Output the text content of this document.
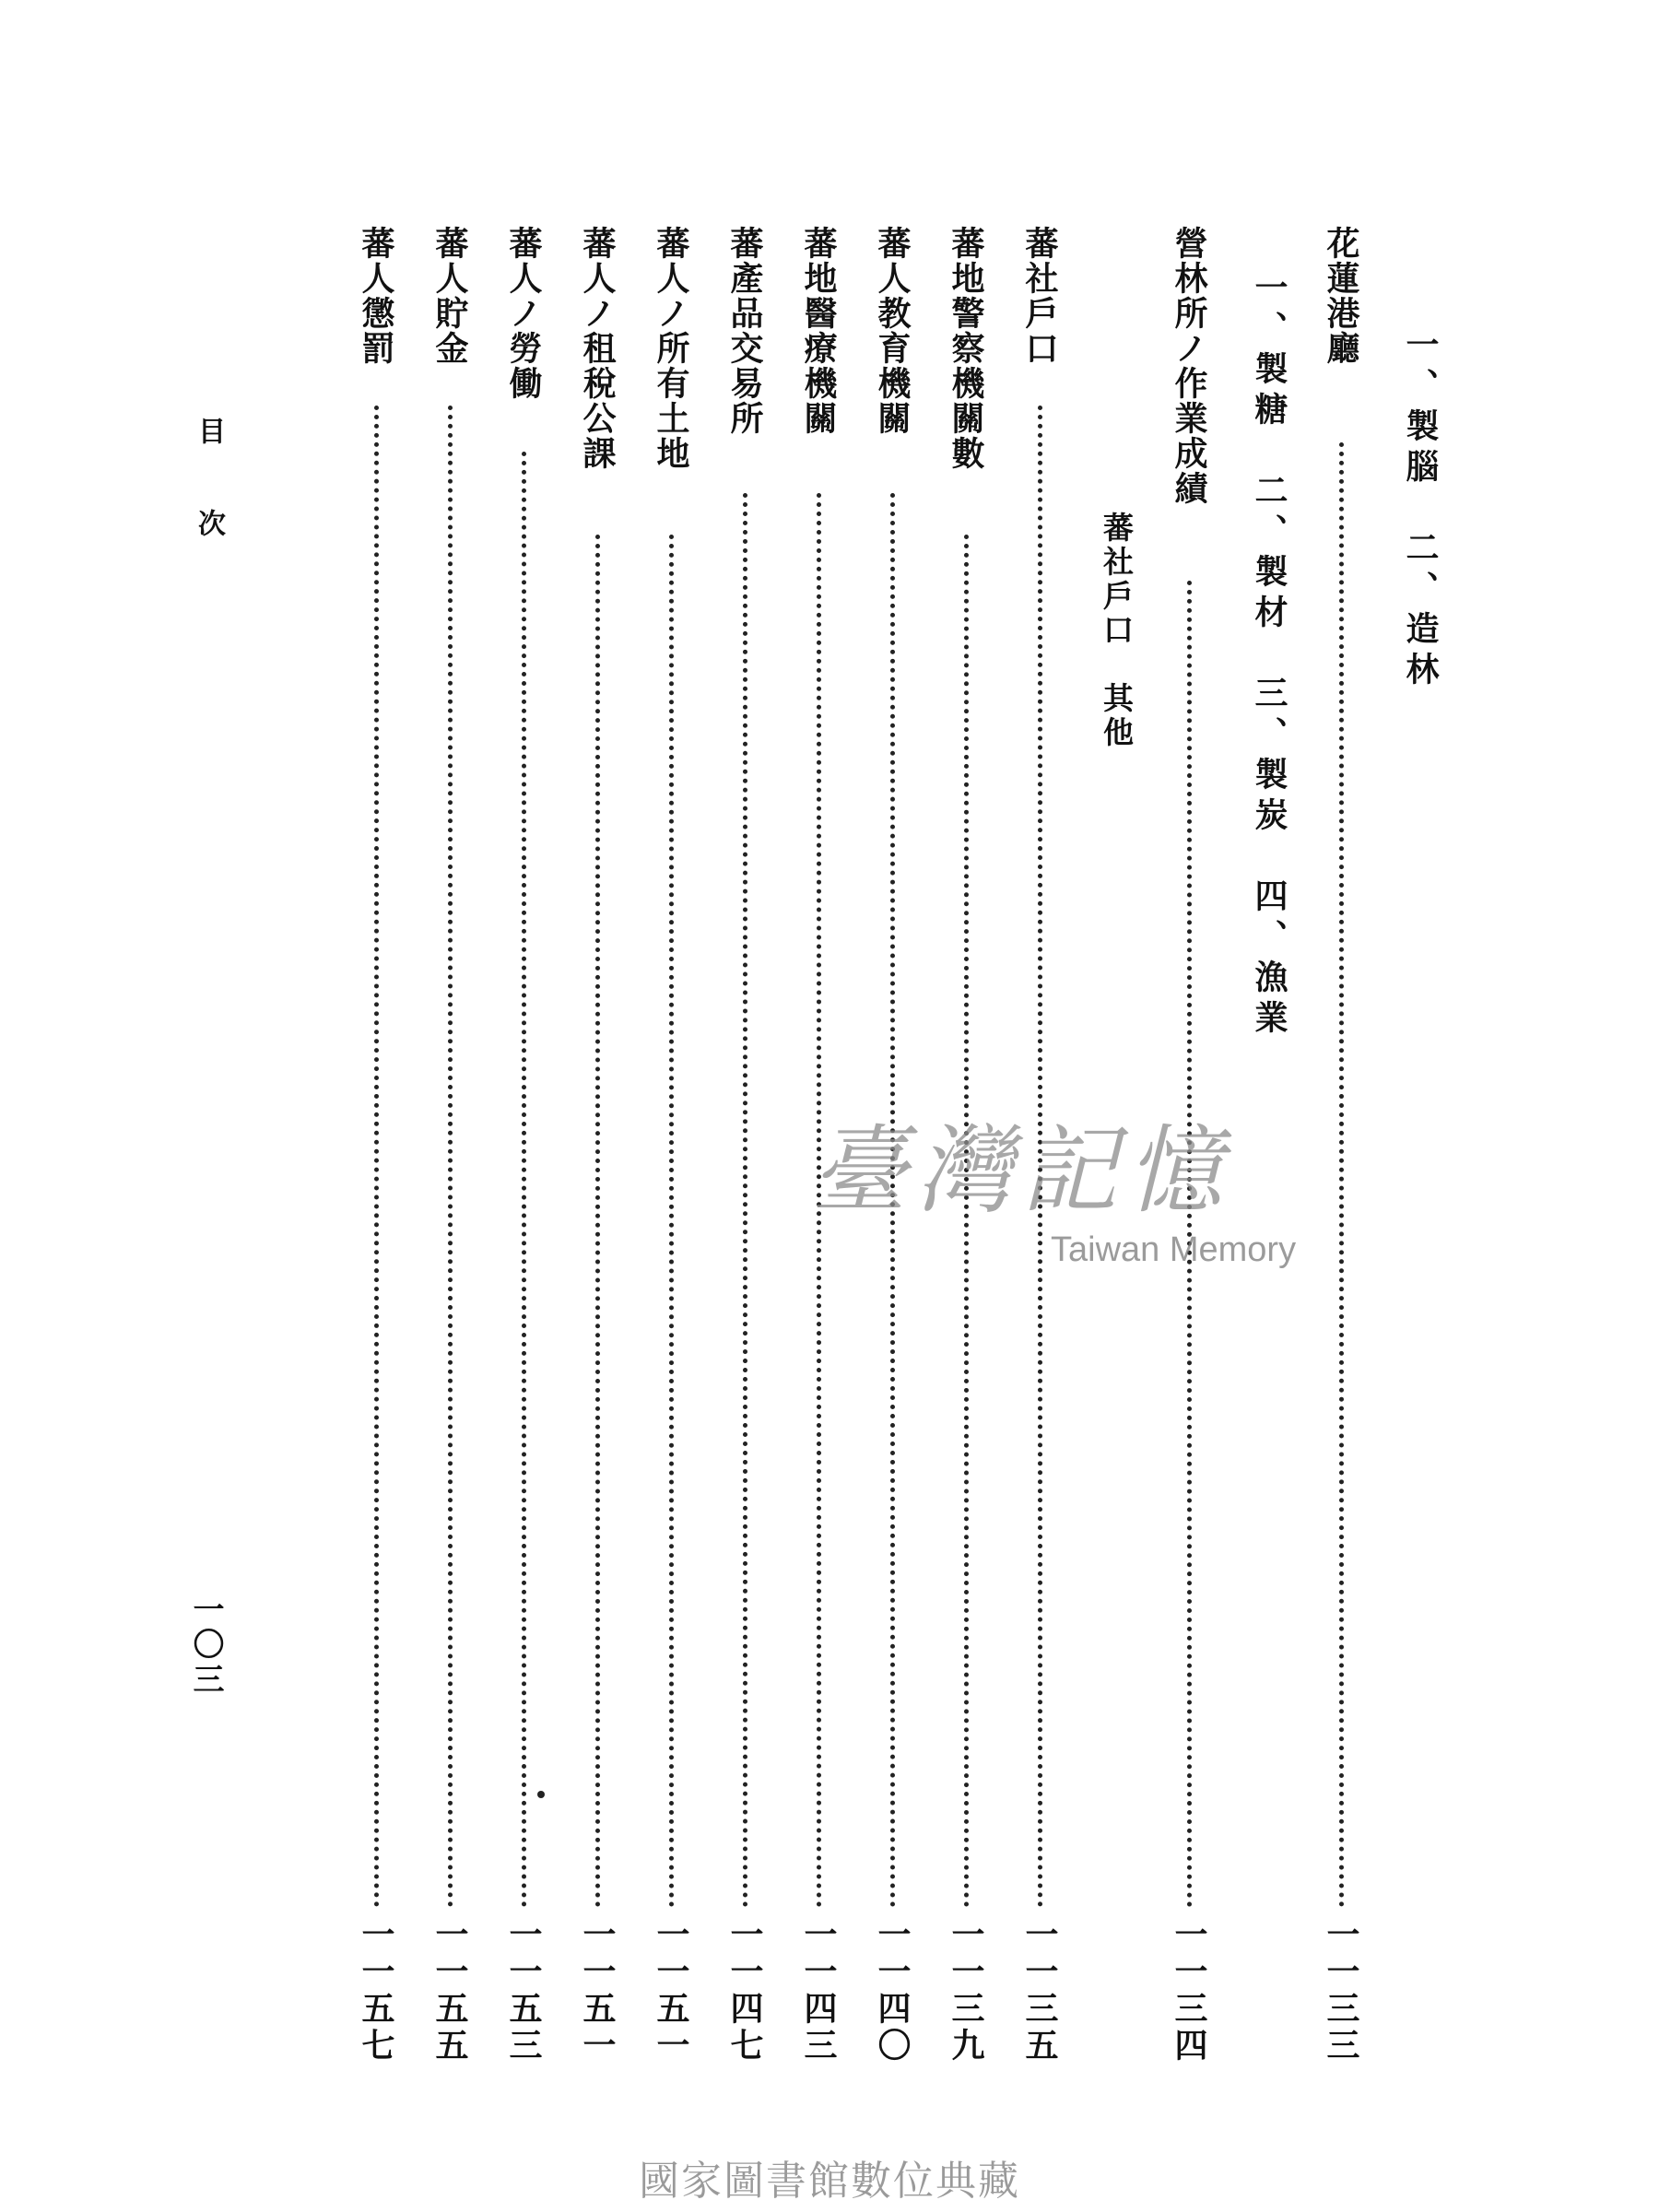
一、製腦　二、造林
一、製糖　二、製材　三、製炭　四、漁業 花蓮港廳
一一三三
營林所ノ作業成績
一一三四
蕃社戶口　其他
蕃社戶口
一一三五
蕃地警察機關數
一一三九
蕃人教育機關
一一四〇
蕃地醫療機關
一一四三
蕃產品交易所
一一四七
蕃人ノ所有土地
一一五一
蕃人ノ租稅公課
一一五一
蕃人ノ勞働
一一五三
蕃人貯金
一一五五
蕃人懲罰
一一五七
目次
一〇三
臺灣記憶
Taiwan Memory
國家圖書館數位典藏
